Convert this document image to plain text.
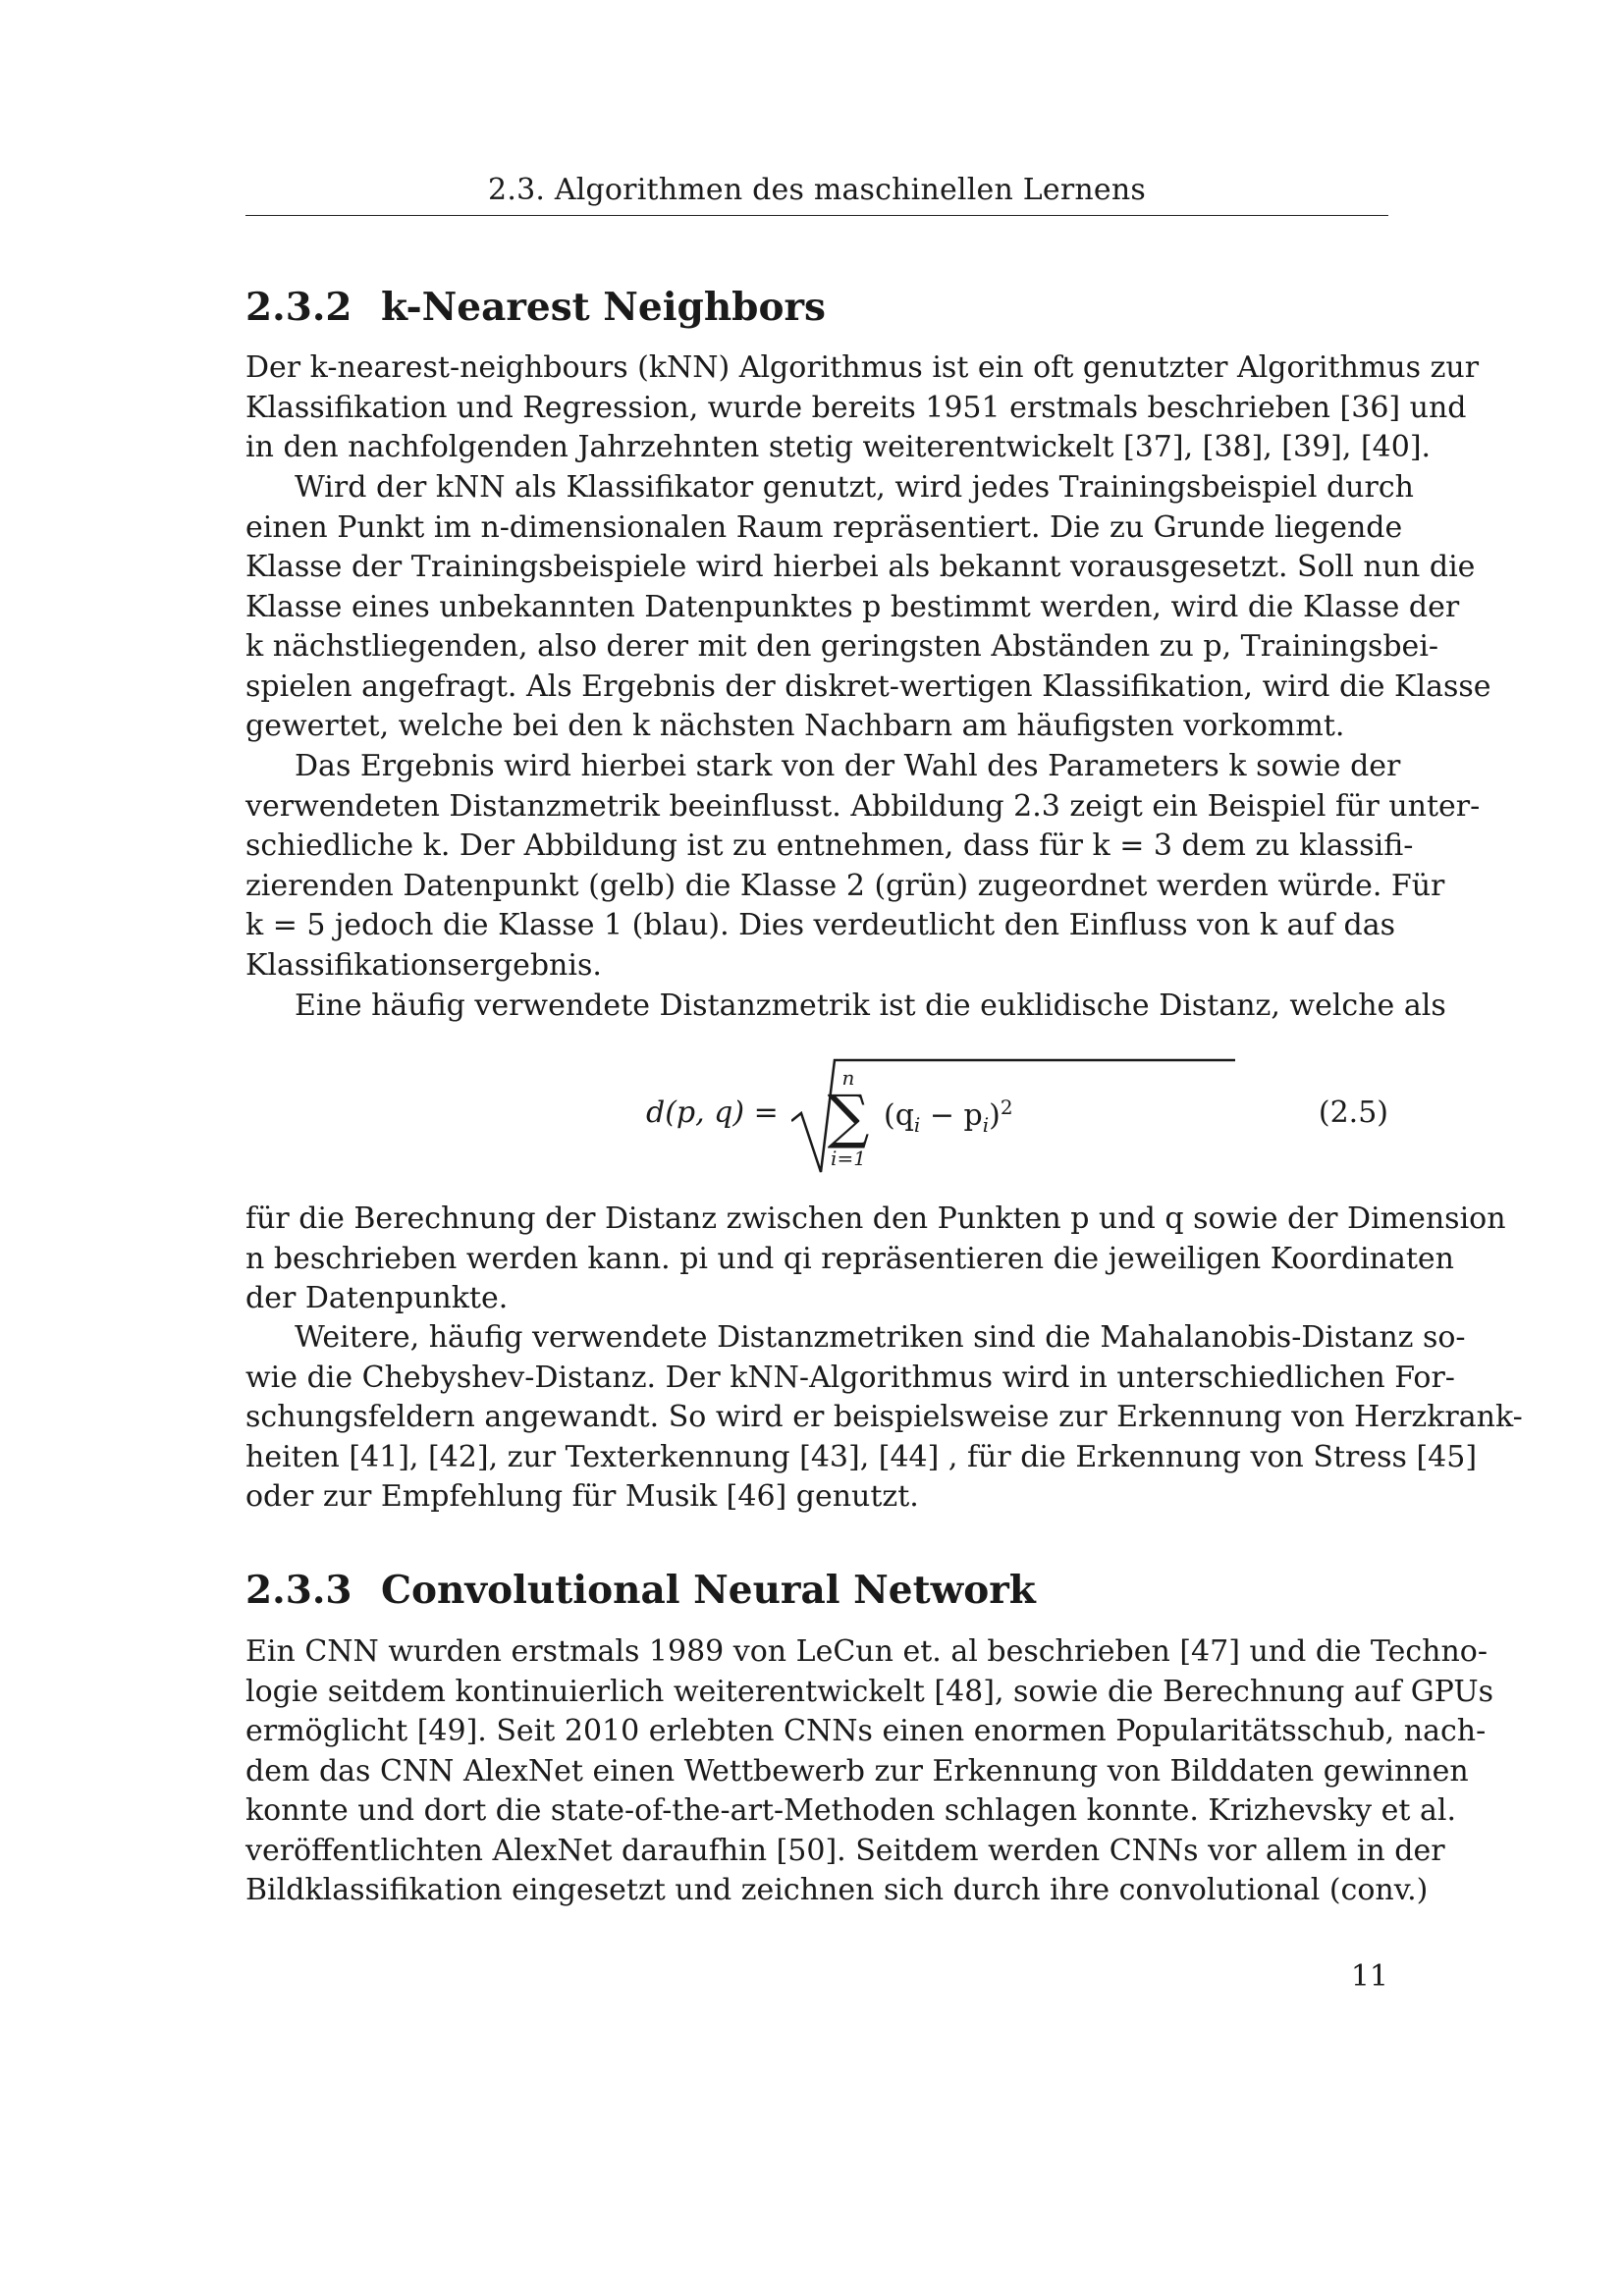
2.3. Algorithmen des maschinellen Lernens
2.3.2 k-Nearest Neighbors
Der k-nearest-neighbours (kNN) Algorithmus ist ein oft genutzter Algorithmus zur
Klassifikation und Regression, wurde bereits 1951 erstmals beschrieben [36] und
in den nachfolgenden Jahrzehnten stetig weiterentwickelt [37], [38], [39], [40].
Wird der kNN als Klassifikator genutzt, wird jedes Trainingsbeispiel durch
einen Punkt im n-dimensionalen Raum repräsentiert. Die zu Grunde liegende
Klasse der Trainingsbeispiele wird hierbei als bekannt vorausgesetzt. Soll nun die
Klasse eines unbekannten Datenpunktes p bestimmt werden, wird die Klasse der
k nächstliegenden, also derer mit den geringsten Abständen zu p, Trainingsbei-
spielen angefragt. Als Ergebnis der diskret-wertigen Klassifikation, wird die Klasse
gewertet, welche bei den k nächsten Nachbarn am häufigsten vorkommt.
Das Ergebnis wird hierbei stark von der Wahl des Parameters k sowie der
verwendeten Distanzmetrik beeinflusst. Abbildung 2.3 zeigt ein Beispiel für unter-
schiedliche k. Der Abbildung ist zu entnehmen, dass für k = 3 dem zu klassifi-
zierenden Datenpunkt (gelb) die Klasse 2 (grün) zugeordnet werden würde. Für
k = 5 jedoch die Klasse 1 (blau). Dies verdeutlicht den Einfluss von k auf das
Klassifikationsergebnis.
Eine häufig verwendete Distanzmetrik ist die euklidische Distanz, welche als
d(p, q) =
n
∑
i=1
$(q_i - p_i)^2$	(2.5)
für die Berechnung der Distanz zwischen den Punkten p und q sowie der Dimension
n beschrieben werden kann. pi und qi repräsentieren die jeweiligen Koordinaten
der Datenpunkte.
Weitere, häufig verwendete Distanzmetriken sind die Mahalanobis-Distanz so-
wie die Chebyshev-Distanz. Der kNN-Algorithmus wird in unterschiedlichen For-
schungsfeldern angewandt. So wird er beispielsweise zur Erkennung von Herzkrank-
heiten [41], [42], zur Texterkennung [43], [44] , für die Erkennung von Stress [45]
oder zur Empfehlung für Musik [46] genutzt.
2.3.3 Convolutional Neural Network
Ein CNN wurden erstmals 1989 von LeCun et. al beschrieben [47] und die Techno-
logie seitdem kontinuierlich weiterentwickelt [48], sowie die Berechnung auf GPUs
ermöglicht [49]. Seit 2010 erlebten CNNs einen enormen Popularitätsschub, nach-
dem das CNN AlexNet einen Wettbewerb zur Erkennung von Bilddaten gewinnen
konnte und dort die state-of-the-art-Methoden schlagen konnte. Krizhevsky et al.
veröffentlichten AlexNet daraufhin [50]. Seitdem werden CNNs vor allem in der
Bildklassifikation eingesetzt und zeichnen sich durch ihre convolutional (conv.)
11
